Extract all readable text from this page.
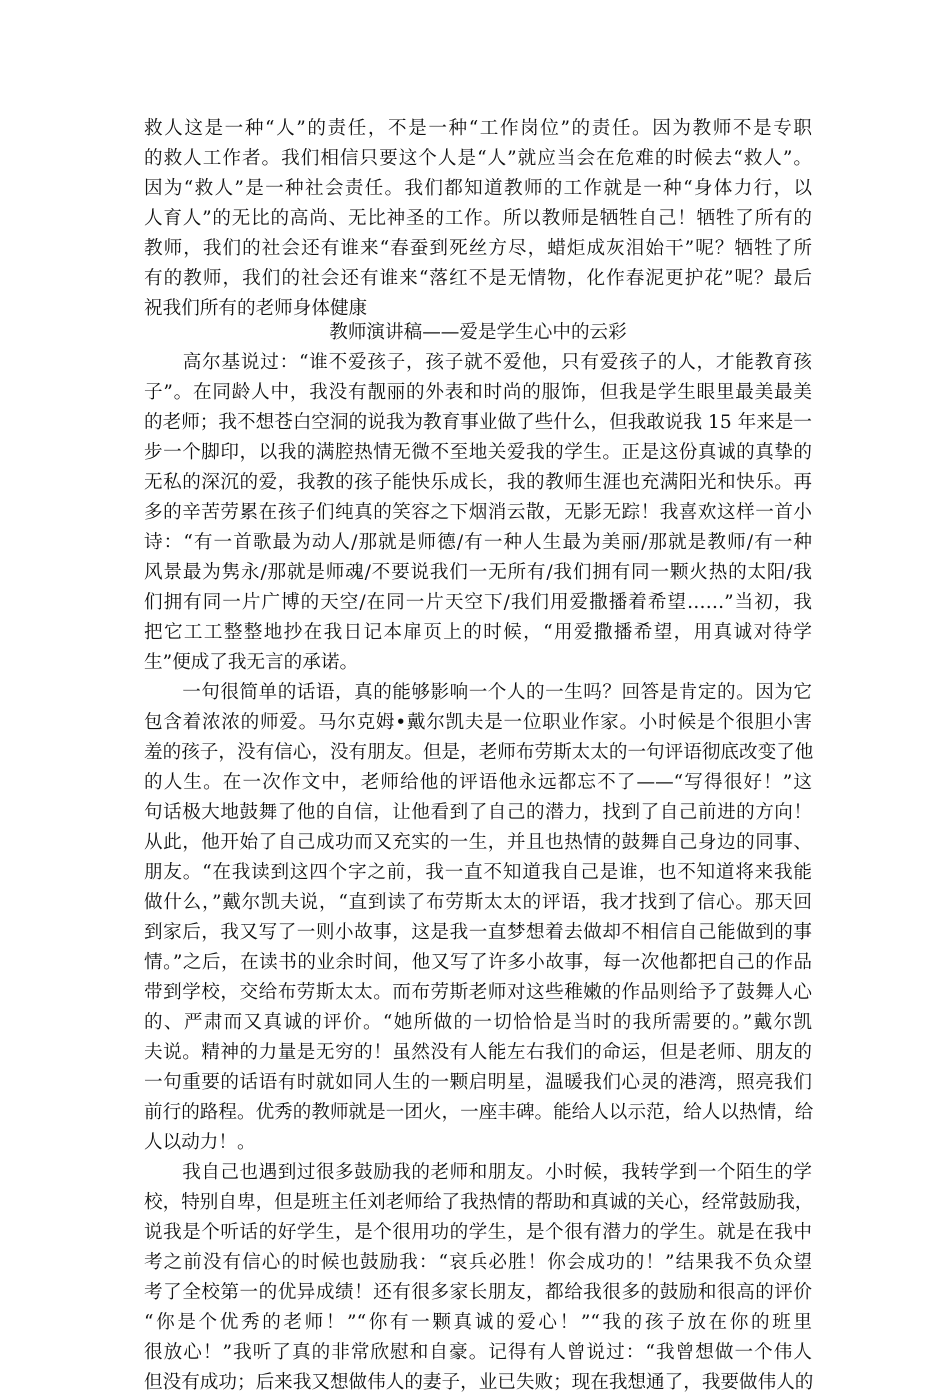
救人这是一种“人”的责任，不是一种“工作岗位”的责任。因为教师不是专职
的救人工作者。我们相信只要这个人是“人”就应当会在危难的时候去“救人”。
因为“救人”是一种社会责任。我们都知道教师的工作就是一种“身体力行，以
人育人”的无比的高尚、无比神圣的工作。所以教师是牺牲自己！牺牲了所有的
教师，我们的社会还有谁来“春蚕到死丝方尽，蜡炬成灰泪始干”呢？牺牲了所
有的教师，我们的社会还有谁来“落红不是无情物，化作春泥更护花”呢？最后
祝我们所有的老师身体健康
教师演讲稿——爱是学生心中的云彩
　　高尔基说过：“谁不爱孩子，孩子就不爱他，只有爱孩子的人，才能教育孩
子”。在同龄人中，我没有靓丽的外表和时尚的服饰，但我是学生眼里最美最美
的老师；我不想苍白空洞的说我为教育事业做了些什么，但我敢说我 15 年来是一
步一个脚印，以我的满腔热情无微不至地关爱我的学生。正是这份真诚的真挚的
无私的深沉的爱，我教的孩子能快乐成长，我的教师生涯也充满阳光和快乐。再
多的辛苦劳累在孩子们纯真的笑容之下烟消云散，无影无踪！我喜欢这样一首小
诗：“有一首歌最为动人/那就是师德/有一种人生最为美丽/那就是教师/有一种
风景最为隽永/那就是师魂/不要说我们一无所有/我们拥有同一颗火热的太阳/我
们拥有同一片广博的天空/在同一片天空下/我们用爱撒播着希望……”当初，我
把它工工整整地抄在我日记本扉页上的时候，“用爱撒播希望，用真诚对待学
生”便成了我无言的承诺。
　　一句很简单的话语，真的能够影响一个人的一生吗？回答是肯定的。因为它
包含着浓浓的师爱。马尔克姆•戴尔凯夫是一位职业作家。小时候是个很胆小害
羞的孩子，没有信心，没有朋友。但是，老师布劳斯太太的一句评语彻底改变了他
的人生。在一次作文中，老师给他的评语他永远都忘不了——“写得很好！”这
句话极大地鼓舞了他的自信，让他看到了自己的潜力，找到了自己前进的方向！
从此，他开始了自己成功而又充实的一生，并且也热情的鼓舞自己身边的同事、
朋友。“在我读到这四个字之前，我一直不知道我自己是谁，也不知道将来我能
做什么，”戴尔凯夫说，“直到读了布劳斯太太的评语，我才找到了信心。那天回
到家后，我又写了一则小故事，这是我一直梦想着去做却不相信自己能做到的事
情。”之后，在读书的业余时间，他又写了许多小故事，每一次他都把自己的作品
带到学校，交给布劳斯太太。而布劳斯老师对这些稚嫩的作品则给予了鼓舞人心
的、严肃而又真诚的评价。“她所做的一切恰恰是当时的我所需要的。”戴尔凯
夫说。精神的力量是无穷的！虽然没有人能左右我们的命运，但是老师、朋友的
一句重要的话语有时就如同人生的一颗启明星，温暖我们心灵的港湾，照亮我们
前行的路程。优秀的教师就是一团火，一座丰碑。能给人以示范，给人以热情，给
人以动力！。
　　我自己也遇到过很多鼓励我的老师和朋友。小时候，我转学到一个陌生的学
校，特别自卑，但是班主任刘老师给了我热情的帮助和真诚的关心，经常鼓励我，
说我是个听话的好学生，是个很用功的学生，是个很有潜力的学生。就是在我中
考之前没有信心的时候也鼓励我：“哀兵必胜！你会成功的！”结果我不负众望
考了全校第一的优异成绩！还有很多家长朋友，都给我很多的鼓励和很高的评价
“你是个优秀的老师！”“你有一颗真诚的爱心！”“我的孩子放在你的班里
很放心！”我听了真的非常欣慰和自豪。记得有人曾说过：“我曾想做一个伟人
但没有成功；后来我又想做伟人的妻子，业已失败；现在我想通了，我要做伟人的
